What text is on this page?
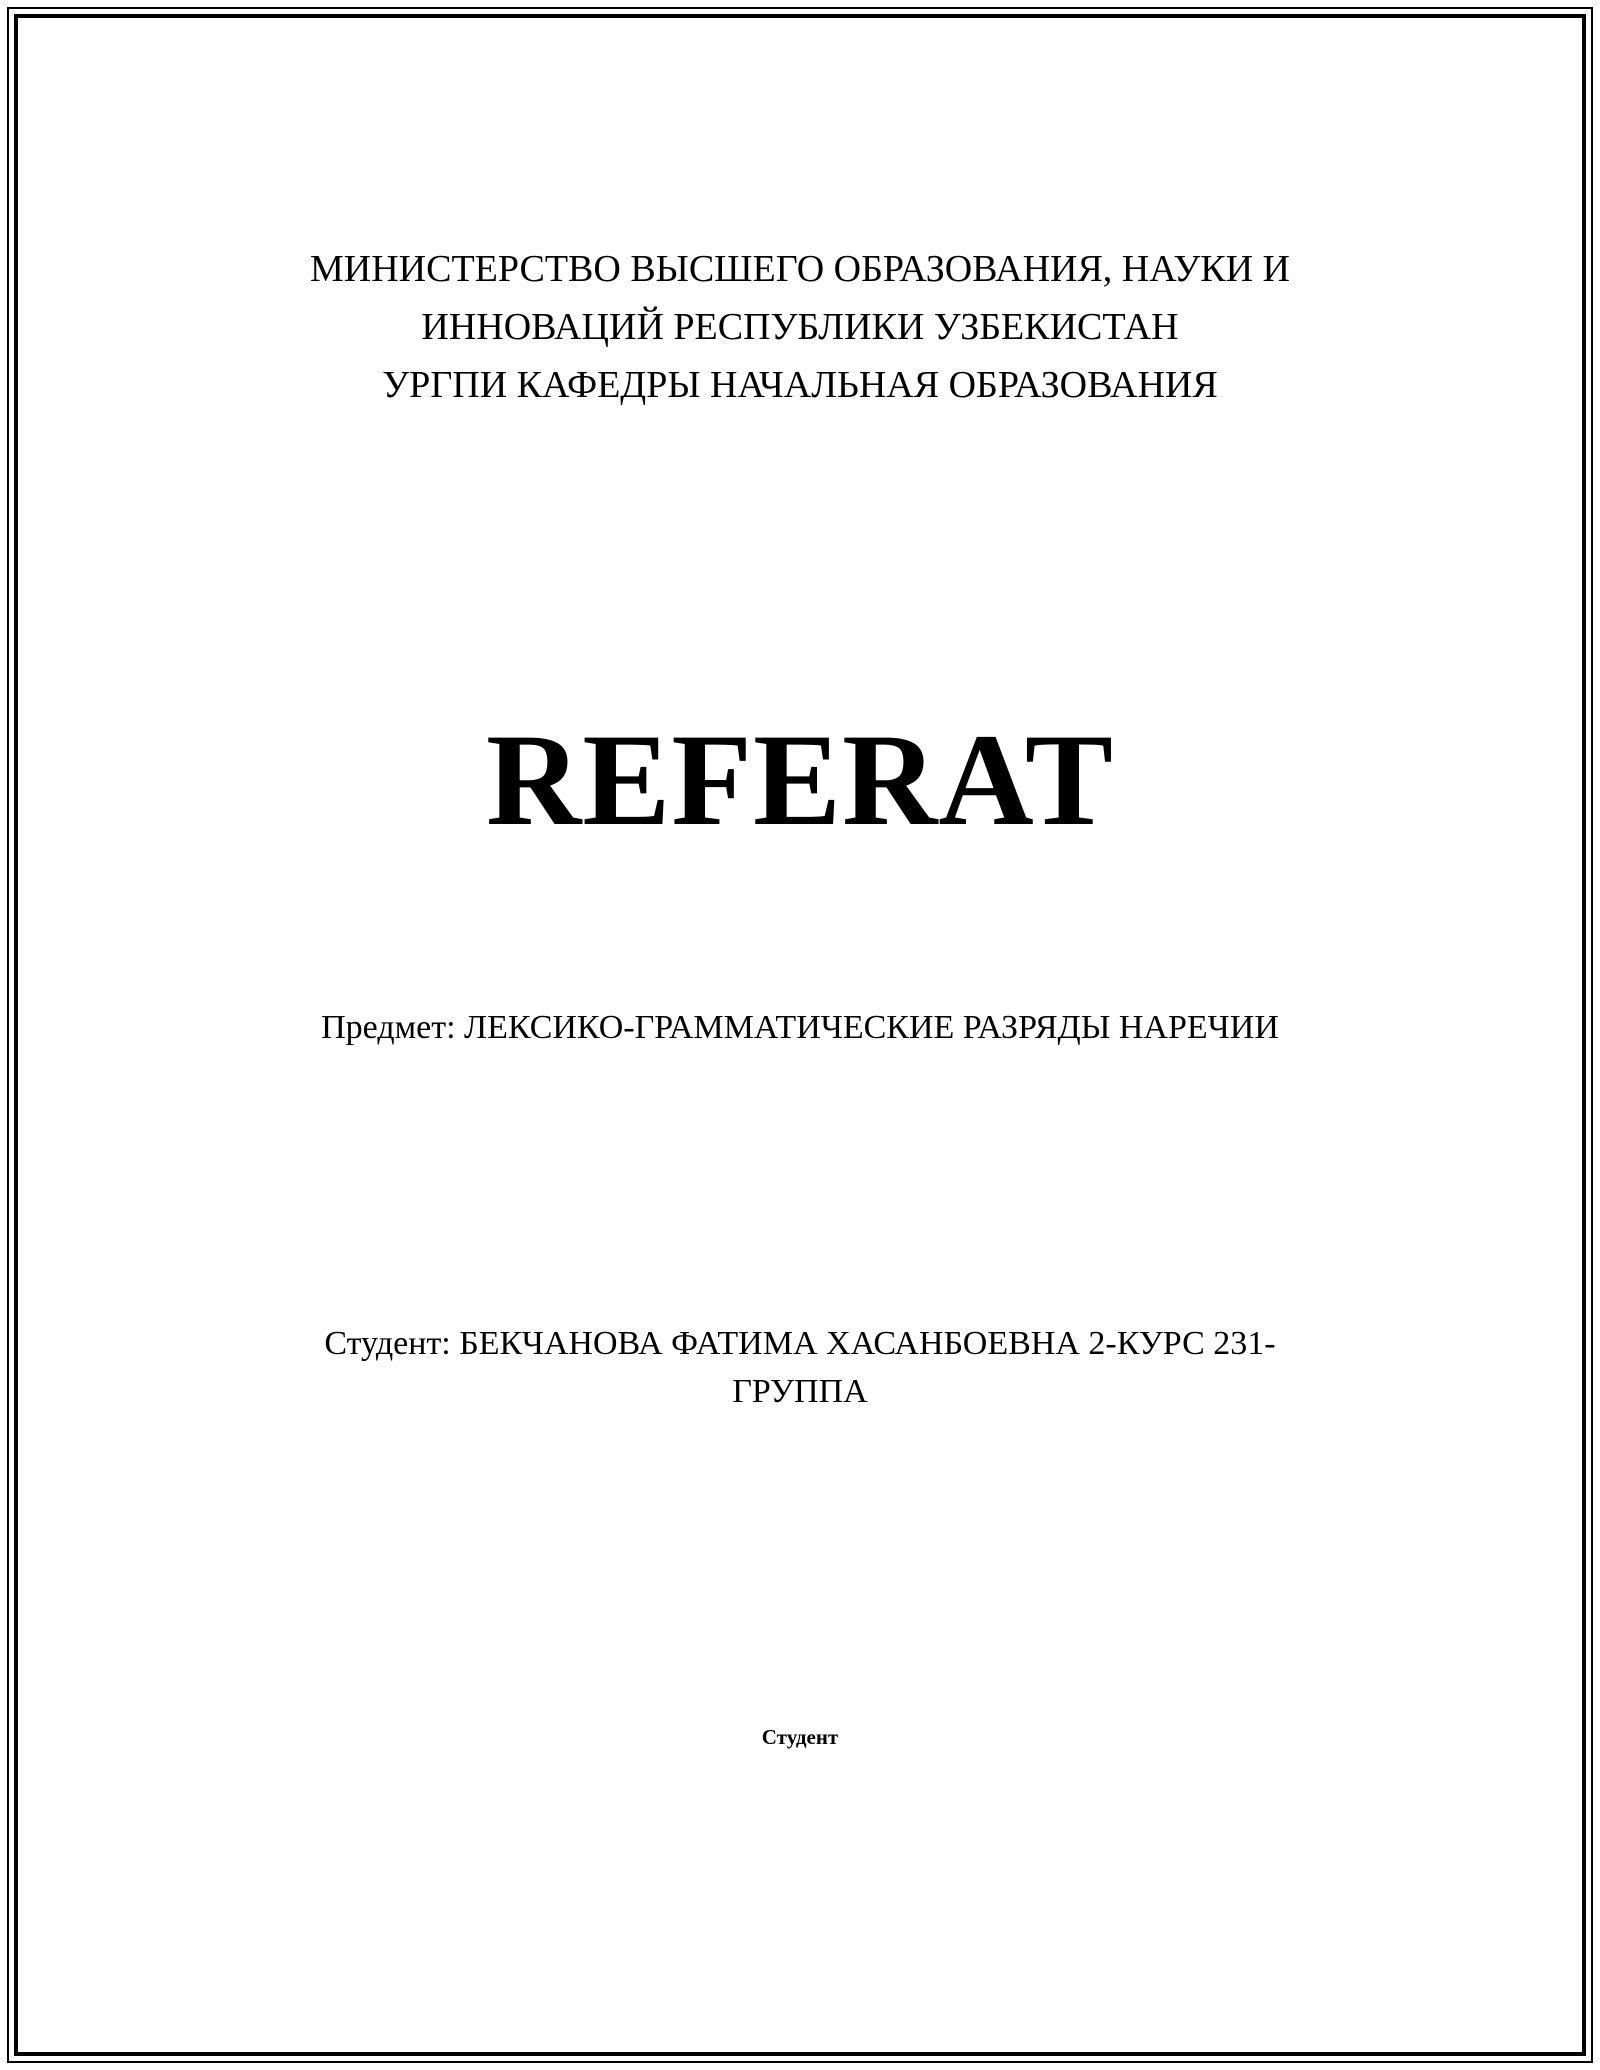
МИНИСТЕРСТВО ВЫСШЕГО ОБРАЗОВАНИЯ, НАУКИ И
ИННОВАЦИЙ РЕСПУБЛИКИ УЗБЕКИСТАН
УРГПИ КАФЕДРЫ НАЧАЛЬНАЯ ОБРАЗОВАНИЯ
REFERAT

Предмет: ЛЕКСИКО-ГРАММАТИЧЕСКИЕ РАЗРЯДЫ НАРЕЧИИ

Студент: БЕКЧАНОВА ФАТИМА ХАСАНБОЕВНА 2-КУРС 231-ГРУППА

Студент
